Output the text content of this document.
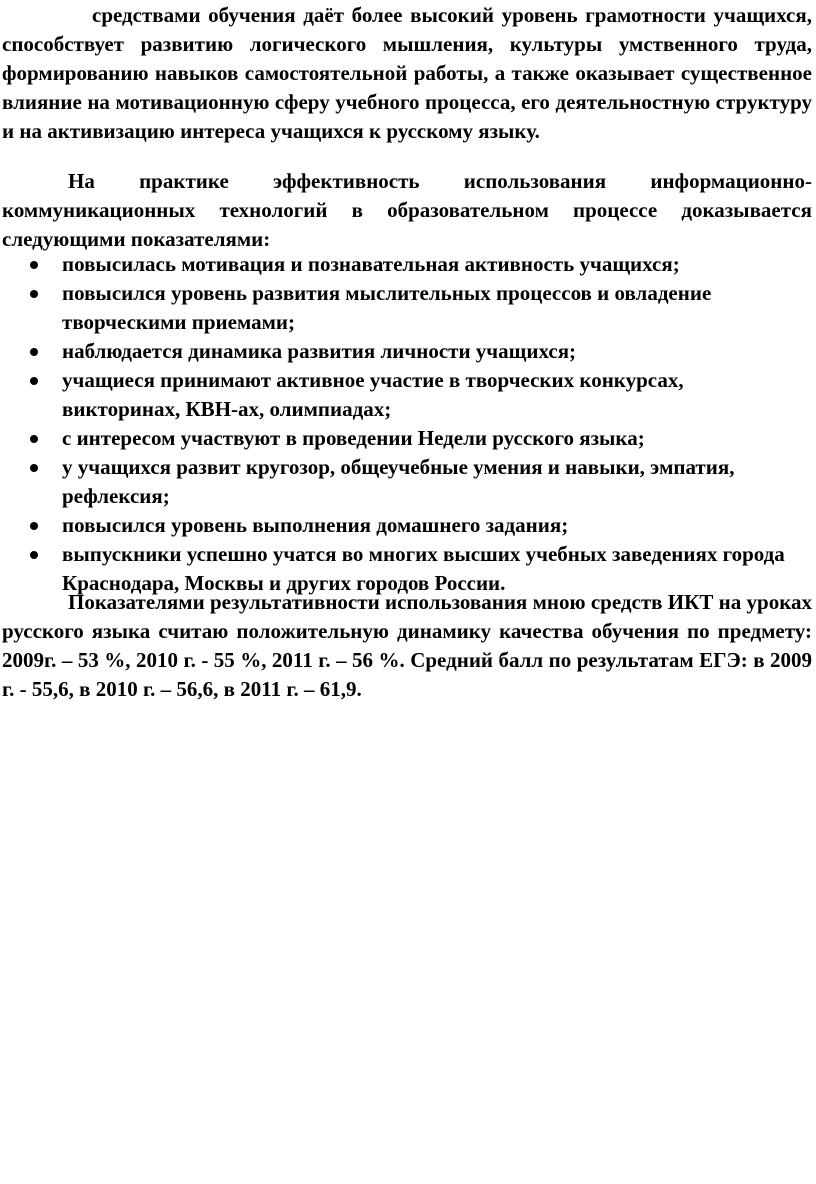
средствами обучения даёт более высокий уровень грамотности учащихся, способствует развитию логического мышления, культуры умственного труда, формированию навыков самостоятельной работы, а также оказывает существенное влияние на мотивационную сферу учебного процесса, его деятельностную структуру и на активизацию интереса учащихся к русскому языку.

На практике эффективность использования информационно-коммуникационных технологий в образовательном процессе доказывается следующими показателями:

повысилась мотивация и познавательная активность учащихся;
повысился уровень развития мыслительных процессов и овладение творческими приемами;
наблюдается динамика развития личности учащихся;
учащиеся принимают активное участие в творческих конкурсах, викторинах, КВН-ах, олимпиадах;
с интересом участвуют в проведении Недели русского языка;
у учащихся развит кругозор, общеучебные умения и навыки, эмпатия, рефлексия;
повысился уровень выполнения домашнего задания;
выпускники успешно учатся во многих высших учебных заведениях города Краснодара, Москвы и других городов России.

Показателями результативности использования мною средств ИКТ на уроках русского языка считаю положительную динамику качества обучения по предмету: 2009г. – 53 %, 2010 г. - 55 %, 2011 г. – 56 %. Средний балл по результатам ЕГЭ: в 2009 г. - 55,6, в 2010 г. – 56,6, в 2011 г. – 61,9.
